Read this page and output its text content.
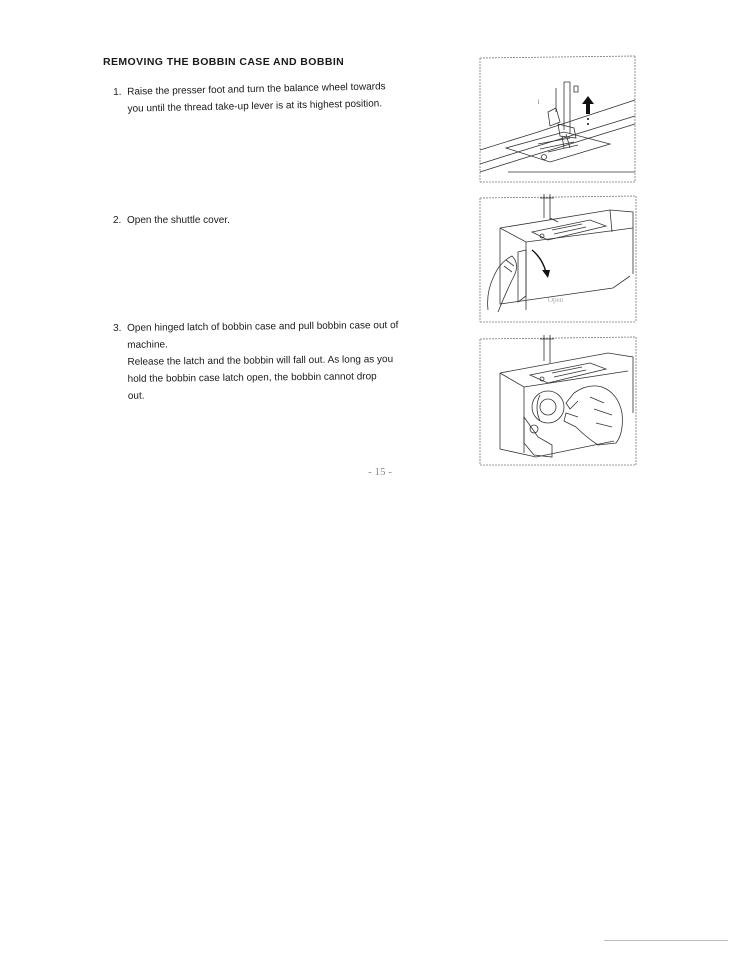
REMOVING THE BOBBIN CASE AND BOBBIN
1. Raise the presser foot and turn the balance wheel towards
you until the thread take-up lever is at its highest position.
2. Open the shuttle cover.
3. Open hinged latch of bobbin case and pull bobbin case out of
machine.
Release the latch and the bobbin will fall out. As long as you
hold the bobbin case latch open, the bobbin cannot drop
out.
l
Open
- 15 -
